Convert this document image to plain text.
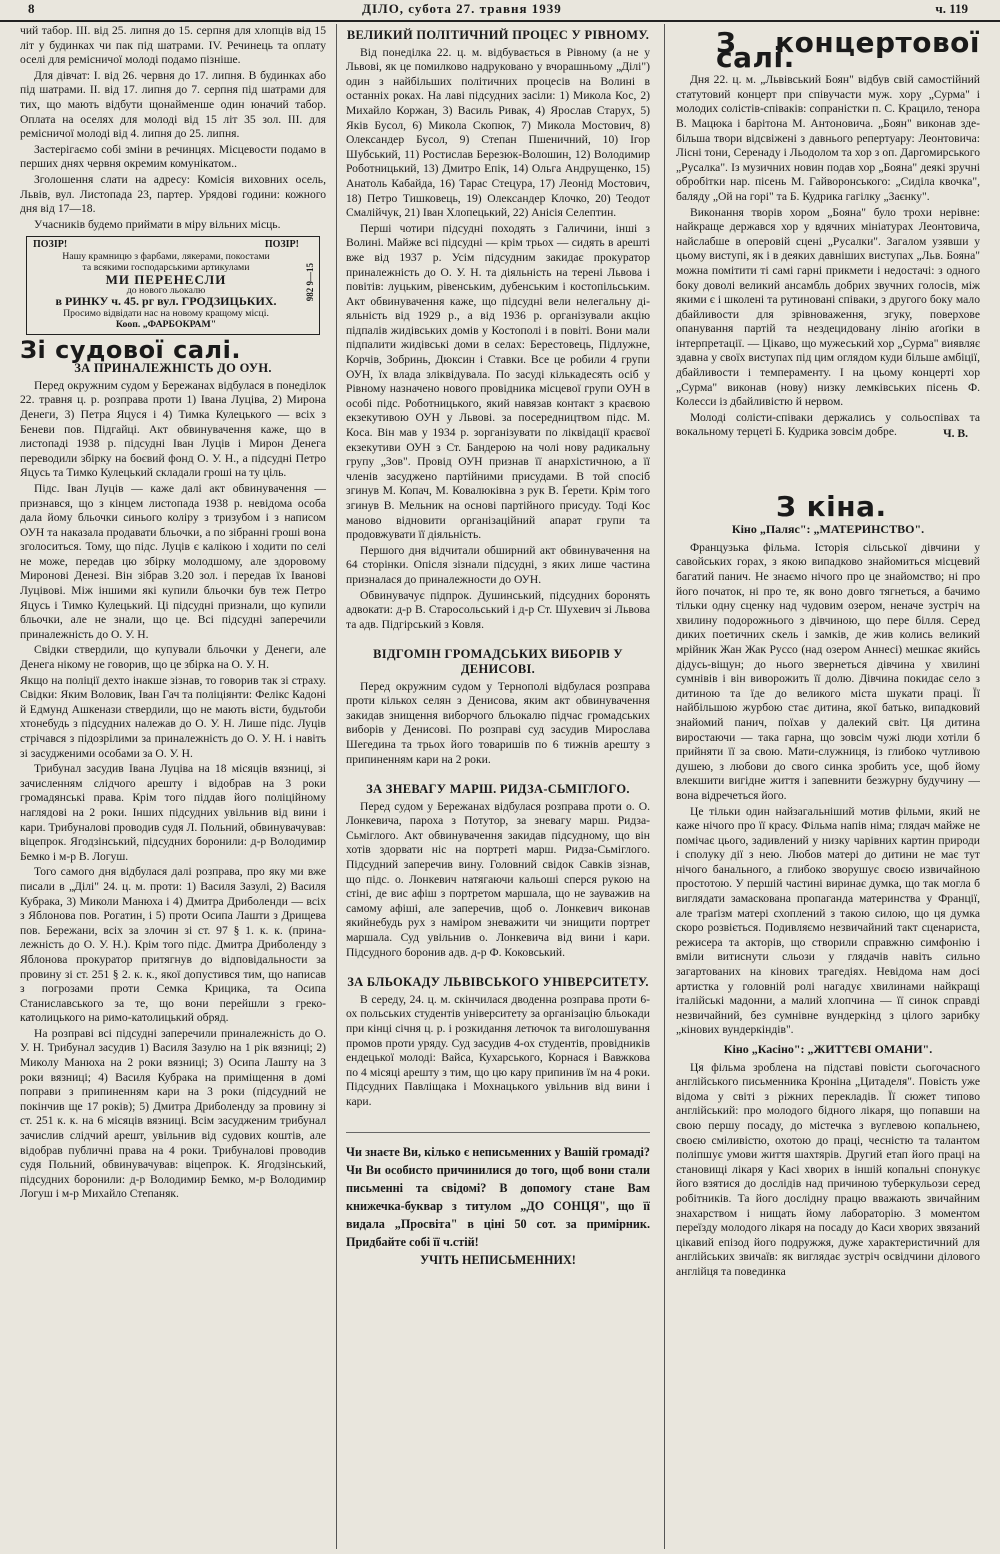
8	ДІЛО, субота 27. травня 1939	ч. 119

чий табор. III. від 25. липня до 15. серпня для хлопців від 15 літ у будинках чи пак під шатрами. IV. Речинець та оплату оселі для ремісничої молоді подамо пізніше.

Для дівчат: І. від 26. червня до 17. липня. В будинках або під шатрами. II. від 17. липня до 7. серпня під шатрами для тих, що мають відбути щонайменше один юначий табор. Оплата на оселях для молоді від 15 літ 35 зол. III. для ремісничої молоді від 4. липня до 25. липня.

Застерігаємо собі зміни в речинцях. Місцевости подамо в перших днях червня окремим комунікатом..

Зголошення слати на адресу: Комісія виховних осель, Львів, вул. Листопада 23, партер. Урядові години: кожного дня від 17—18.

Учасників будемо приймати в міру вільних місць.

ПОЗІР!	ПОЗІР!
Нашу крамницю з фарбами, лякерами, покостами
та всякими господарськими артикулами
МИ ПЕРЕНЕСЛИ
до нового льокалю
в РИНКУ ч. 45. рг вул. ГРОДЗИЦЬКИХ.
Просимо відвідати нас на новому кращому місці.
Кооп. „ФАРБОКРАМ"
982 9—15
Зі судової салі.
ЗА ПРИНАЛЕЖНІСТЬ ДО ОУН.

Перед окружним судом у Бережанах відбулася в понеділок 22. травня ц. р. розправа проти 1) Івана Луціва, 2) Мирона Денеги, 3) Петра Яцуся і 4) Тимка Кулецького — всіх з Беневи пов. Підгайці. Акт обвинувачення каже, що в листопаді 1938 р. підсудні Іван Луців і Мирон Денега переводили збірку на боєвий фонд О. У. Н., а підсудні Петро Яцусь та Тимко Кулецький складали гроші на ту ціль.

Підс. Іван Луців — каже далі акт обвинувачення — признався, що з кінцем листопада 1938 р. невідома особа дала йому бльочки синього коліру з тризубом і з написом ОУН та наказала продавати бльочки, а по зібранні гроші вона зголоситься. Тому, що підс. Луців є калікою і ходити по селі не може, передав цю збірку молодшому, але здоровому Миронові Денезі. Він зібрав 3.20 зол. і передав їх Іванові Луцівові. Між іншими які купили бльочки був теж Петро Яцусь і Тимко Кулецький. Ці підсудні признали, що купили бльочки, але не знали, що це. Всі підсудні заперечили приналежність до О. У. Н.

Свідки ствердили, що купували бльочки у Денеги, але Денега нікому не говорив, що це збірка на О. У. Н.

Якщо на поліції дехто інакше зізнав, то говорив так зі страху. Свідки: Яким Воловик, Іван Гач та поліціянти: Фелікс Кадоні й Едмунд Ашкенази ствердили, що не мають вісти, будьтоби хтонебудь з підсудних належав до О. У. Н. Лише підс. Луців стрічався з підозрілими за приналежність до О. У. Н. і навіть зі засудженими особами за О. У. Н.

Трибунал засудив Івана Луціва на 18 місяців вязниці, зі зачисленням слідчого арешту і відобрав на 3 роки громадянські права. Крім того піддав його поліційному наглядові на 2 роки. Інших підсудних увільнив від вини і кари. Трибуналові проводив судя Л. Польний, обвинувачував: віцепрок. Ягодзінський, підсудних боронили: д-р Володимир Бемко і м-р В. Логуш.

Того самого дня відбулася далі розправа, про яку ми вже писали в „Ділі" 24. ц. м. проти: 1) Василя Зазулі, 2) Василя Кубрака, 3) Миколи Манюха і 4) Дмитра Дриболенди — всіх з Яблонова пов. Рогатин, і 5) проти Осипа Лашти з Дрищева пов. Бережани, всіх за злочин зі ст. 97 § 1. к. к. (приналежність до О. У. Н.). Крім того підс. Дмитра Дриболенду з Яблонова прокуратор притягнув до відповідальности за провину зі ст. 251 § 2. к. к., якої допустився тим, що написав з погрозами проти Семка Крицика, та Осипа Станиславського за те, що вони перейшли з греко-католицького на римо-католицький обряд.

На розправі всі підсудні заперечили приналежність до О. У. Н. Трибунал засудив 1) Василя Зазулю на 1 рік вязниці; 2) Миколу Манюха на 2 роки вязниці; 3) Осипа Лашту на 3 роки вязниці; 4) Василя Кубрака на приміщення в домі поправи з припиненням кари на 3 роки (підсудний не покінчив ще 17 років); 5) Дмитра Дриболенду за провину зі ст. 251 к. к. на 6 місяців вязниці. Всім засудженим трибунал зачислив слідчий арешт, увільнив від судових коштів, але відобрав публичні права на 4 роки. Трибуналові проводив судя Польний, обвинувачував: віцепрок. К. Ягодзінський, підсудних боронили: д-р Володимир Бемко, м-р Володимир Логуш і м-р Михайло Степаняк.

ВЕЛИКИЙ ПОЛІТИЧНИЙ ПРОЦЕС У РІВНОМУ.

Від понеділка 22. ц. м. відбувається в Рівному (а не у Львові, як це помилково надруковано у вчорашньому „Ділі") один з найбільших політичних процесів на Волині в останніх роках. На лаві підсудних засіли: 1) Микола Кос, 2) Михайло Коржан, 3) Василь Ривак, 4) Ярослав Старух, 5) Яків Бусол, 6) Микола Скопюк, 7) Микола Мостович, 8) Олександер Бусол, 9) Степан Пшеничний, 10) Ігор Шубський, 11) Ростислав Березюк-Волошин, 12) Володимир Роботницький, 13) Дмитро Епік, 14) Ольга Андрущенко, 15) Анатоль Кабайда, 16) Тарас Стецура, 17) Леонід Мостович, 18) Петро Тишковець, 19) Олександер Клочко, 20) Теодот Смалійчук, 21) Іван Хлопецький, 22) Анісія Селептин.

Перші чотири підсудні походять з Галичини, інші з Волині. Майже всі підсудні — крім трьох — сидять в арешті вже від 1937 р. Усім підсудним закидає прокуратор приналежність до О. У. Н. та діяльність на терені Львова і повітів: луцьким, рівенським, дубенським і костопільським. Акт обвинувачення каже, що підсудні вели нелегальну діяльність від 1929 р., а від 1936 р. організували акцію підпалів жидівських домів у Костополі і в повіті. Вони мали підпалити жидівські доми в селах: Берестовець, Підлужне, Корчів, Зобринь, Дюксин і Ставки. Все це робили 4 групи ОУН, їх влада зліквідувала. По засуді кількадесять осіб у Рівному назначено нового провідника місцевої групи ОУН в особі підс. Роботницького, який навязав контакт з краєвою екзекутивою ОУН у Львові. за посередництвом підс. М. Коса. Він мав у 1934 р. зорганізувати по ліквідації краєвої екзекутиви ОУН з Ст. Бандерою на чолі нову радикальну групу „Зов". Провід ОУН признав її анархістичною, а її членів засуджено партійними присудами. В той спосіб згинув М. Копач, М. Ковалюківна з рук В. Ґерети. Крім того згинув В. Мельник на основі партійного присуду. Тоді Кос маново відновити організаційний апарат групи та продовжувати її діяльність.

Першого дня відчитали обширний акт обвинувачення на 64 сторінки. Опісля зізнали підсудні, з яких лише частина призналася до приналежности до ОУН.

Обвинувачує підпрок. Душинський, підсудних боронять адвокати: д-р В. Старосольський і д-р Ст. Шухевич зі Львова та адв. Підгірський з Ковля.

ВІДГОМІН ГРОМАДСЬКИХ ВИБОРІВ У ДЕНИСОВІ.

Перед окружним судом у Тернополі відбулася розправа проти кількох селян з Денисова, яким акт обвинувачення закидав знищення виборчого бльокалю підчас громадських виборів у Денисові. По розправі суд засудив Мирослава Шегедина та трьох його товаришів по 6 тижнів арешту з припиненням кари на 2 роки.

ЗА ЗНЕВАГУ МАРШ. РИДЗА-СЬМІГЛОГО.

Перед судом у Бережанах відбулася розправа проти о. О. Лонкевича, пароха з Потутор, за зневагу марш. Ридза-Сьміглого. Акт обвинувачення закидав підсудному, що він хотів здорвати ніс на портреті марш. Ридза-Сьміглого. Підсудний заперечив вину. Головний свідок Савків зізнав, що підс. о. Лонкевич натягаючи кальоші сперся рукою на стіні, де вис афіш з портретом маршала, що не зауважив на самому афіші, але заперечив, щоб о. Лонкевич виконав якийнебудь рух з наміром зневажити чи знищити портрет маршала. Суд увільнив о. Лонкевича від вини і кари. Підсудного боронив адв. д-р Ф. Коковський.

ЗА БЛЬОКАДУ ЛЬВІВСЬКОГО УНІВЕРСИТЕТУ.

В середу, 24. ц. м. скінчилася дводенна розправа проти 6-ох польських студентів університету за організацію бльокади при кінці січня ц. р. і розкидання летючок та виголошування промов проти уряду. Суд засудив 4-ох студентів, провідників ендецької молоді: Вайса, Кухарського, Корнася і Вавжкова по 4 місяці арешту з тим, що цю кару припинив їм на 4 роки. Підсудних Павліщака і Мохнацького увільнив від вини і кари.

Чи знаєте Ви, кілько є неписьменних у Вашій громаді? Чи Ви особисто причинилися до того, щоб вони стали письменні та свідомі? В допомогу стане Вам книжечка-буквар з титулом „ДО СОНЦЯ", що її видала „Просвіта" в ціні 50 сот. за примірник. Придбайте собі її ч.стій!
УЧІТЬ НЕПИСЬМЕННИХ!
З концертової салі.

Дня 22. ц. м. „Львівський Боян" відбув свій самостійний статутовий концерт при співучасти муж. хору „Сурма" і молодих солістів-співаків: сопраністки п. С. Крацило, тенора В. Мацюка і барітона М. Антоновича. „Боян" виконав здебільша твори відсвіжені з давнього репертуару: Леонтовича: Лісні тони, Серенаду і Льодолом та хор з оп. Даргомирського „Русалка". Із музичних новин подав хор „Бояна" деякі зручні обробітки нар. пісень М. Гайворонського: „Сиділа квочка", баляду „Ой на горі" та Б. Кудрика гагілку „Заєнку".

Виконання творів хором „Бояна" було трохи нерівне: найкраще держався хор у вдячних мініатурах Леонтовича, найслабше в оперовій сцені „Русалки". Загалом узявши у цьому виступі, як і в деяких давніших виступах „Льв. Бояна" можна помітити ті самі гарні прикмети і недостачі: з одного боку доволі великий ансамбль добрих звучних голосів, між якими є і школені та рутиновані співаки, з другого боку мало дбайливости для зрівноваження, згуку, поверхове опанування партій та нездецидовану лінію аґоґіки в інтерпретації. — Цікаво, що мужеський хор „Сурма" виявляє здавна у своїх виступах під цим оглядом куди більше амбіції, дбайливости і темпераменту. І на цьому концерті хор „Сурма" виконав (нову) низку лемківських пісень Ф. Колесси із дбайливістю й нервом.

Молоді солісти-співаки держались у сольоспівах та вокальному терцеті Б. Кудрика зовсім добре.	Ч. В.
З кіна.
Кіно „Паляс": „МАТЕРИНСТВО".

Французька фільма. Історія сільської дівчини у савойських горах, з якою випадково знайомиться місцевий багатий панич. Не знаємо нічого про це знайомство; ні про його початок, ні про те, як воно довго тягнеться, а бачимо тільки одну сценку над чудовим озером, неначе зустріч на хвилину подорожнього з дівчиною, що пере білля. Серед диких поетичних скель і замків, де жив колись великий мрійник Жан Жак Руссо (над озером Аннесі) мешкає якийсь дідусь-віщун; до нього звернеться дівчина у хвилині сумнівів і він виворожить її долю. Дівчина покидає село з дитиною та їде до великого міста шукати праці. Її найбільшою журбою стає дитина, якої батько, випадковий знайомий панич, поїхав у далекий світ. Ця дитина виростаючи — така гарна, що зовсім чужі люди хотіли б прийняти її за свою. Мати-служниця, із глибоко чутливою душею, з любови до свого синка зробить усе, щоб йому влекшити вигідне життя і запевнити безжурну будучину — вона відречеться його.

Це тільки один найзагальніший мотив фільми, який не каже нічого про її красу. Фільма напів німа; глядач майже не помічає цього, задивлений у низку чарівних картин природи і сполуку дії з нею. Любов матері до дитини не має тут нічого банального, а глибоко зворушує своєю извичайною простотою. У першій частині виринає думка, що так могла б виглядати замаскована пропаганда материнства у Франції, але траґізм матері схоплений з такою силою, що ця думка скоро розвіється. Подивляємо незвичайний такт сценариста, режисера та акторів, що створили справжню симфонію і вміли витиснути сльози у глядачів навіть сильно загартованих на кінових трагедіях. Невідома нам досі артистка у головній ролі нагадує хвилинами найкращі італійські мадонни, а малий хлопчина — її синок справді незвичайний, без сумнівне вундеркінд з цілого зарибку „кінових вундеркіндів".

Кіно „Касіно": „ЖИТТЄВІ ОМАНИ".

Ця фільма зроблена на підставі повісти сьогочасного англійського письменника Кроніна „Цитаделя". Повість уже відома у світі з ріжних перекладів. Її сюжет типово англійський: про молодого бідного лікаря, що попавши на свою першу посаду, до містечка з вуглевою копальнею, своєю сміливістю, охотою до праці, чесністю та талантом поліпшує умови життя шахтярів. Другий етап його праці на становищі лікаря у Касі хворих в іншій копальні спонукує його взятися до дослідів над причиною туберкульози серед робітників. Та його дослідну працю вважають звичайним знахарством і нищать йому лабораторію. З моментом переїзду молодого лікаря на посаду до Каси хворих звязаний цікавий епізод його подружжя, дуже характеристичний для англійських звичаїв: як виглядає зустріч освідчини ділового англійця та повединка
